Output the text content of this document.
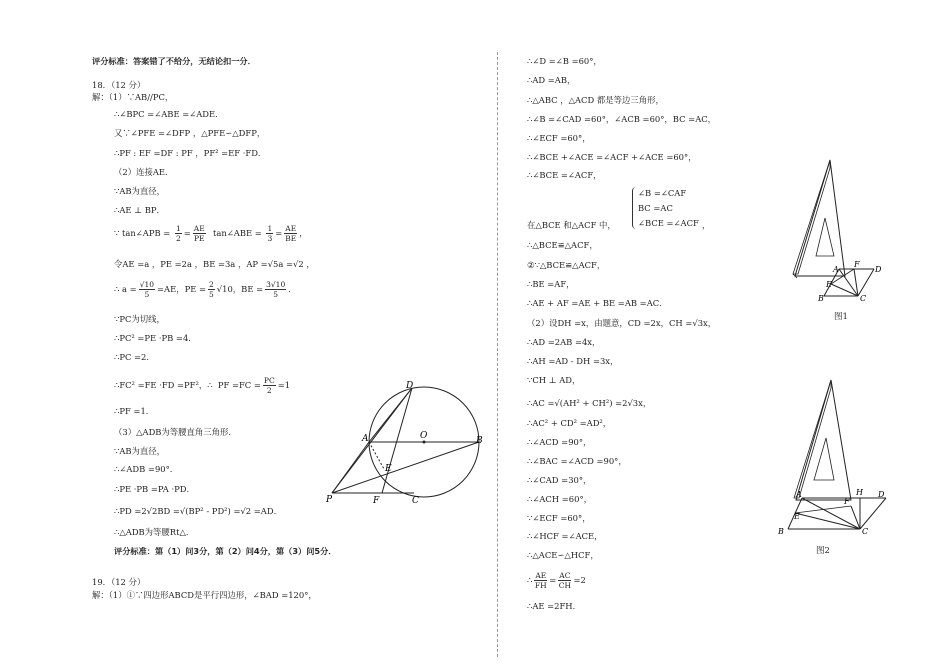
评分标准：答案错了不给分，无结论扣一分．
18．（12 分）
解：（1）∵AB//PC，
∴∠BPC =∠ABE =∠ADE．
又∵∠PFE =∠DFP ，△PFE∽△DFP，
∴PF : EF =DF : PF ，PF² =EF ·FD．
（2）连接AE．
∵AB为直径，
∴AE ⊥ BP．
∵ tan∠APB = $\frac{1}{2} = \frac{AE}{PE}$ tan∠ABE = $\frac{1}{3} = \frac{AE}{BE}$ ，
令AE =a ，PE =2a ，BE =3a ，AP =√5a =√2 ，
∴ $a = \frac{√10}{5} =AE$，PE = $\frac{2}{5} √10$，BE = $\frac{3√10}{5}$ ．
∵PC为切线，
∴PC² =PE ·PB =4．
∴PC =2．
∴FC² =FE ·FD =PF²，∴ PF $=FC = \frac{PC}{2} =1$
∴PF =1．
（3）△ADB为等腰直角三角形．
∵AB为直径，
∴∠ADB =90°．
∴PE ·PB =PA ·PD．
∴PD =2√2BD =√(BP² - PD²) =√2 =AD．
∴△ADB为等腰Rt△．
评分标准：第（1）问3分，第（2）问4分，第（3）问5分．
19．（12 分）
解：（1）①∵四边形ABCD是平行四边形，∠BAD =120°，
D
A	O	B
E
P	F	C
∴∠D =∠B =60°，
∴AD =AB，
∴△ABC ，△ACD 都是等边三角形，
∴∠B =∠CAD =60°，∠ACB =60°，BC =AC，
∴∠ECF =60°，
∴∠BCE +∠ACE =∠ACF +∠ACE =60°，
∴∠BCE =∠ACF，
∠B =∠CAF
BC =AC
∠BCE =∠ACF
在△BCE 和△ACF 中，	，
∴△BCE≌△ACF，
②∵△BCE≌△ACF，
∴BE =AF，
∴AE + AF =AE + BE =AB =AC．
（2）设DH =x，由题意，CD =2x，CH =√3x，
∴AD =2AB =4x，
∴AH =AD - DH =3x，
∵CH ⊥ AD，
∴AC =√(AH² + CH²) =2√3x，
∴AC² + CD² =AD²，
∴∠ACD =90°，
∴∠BAC =∠ACD =90°，
∴∠CAD =30°，
∴∠ACH =60°，
∵∠ECF =60°，
∴∠HCF =∠ACE，
∴△ACE∽△HCF，
∴ $\frac{AE}{FH} = \frac{AC}{CH} =2$
∴AE =2FH．
A
F
D
E
B	C
图1
A	H D
F
E
B	C
图2
